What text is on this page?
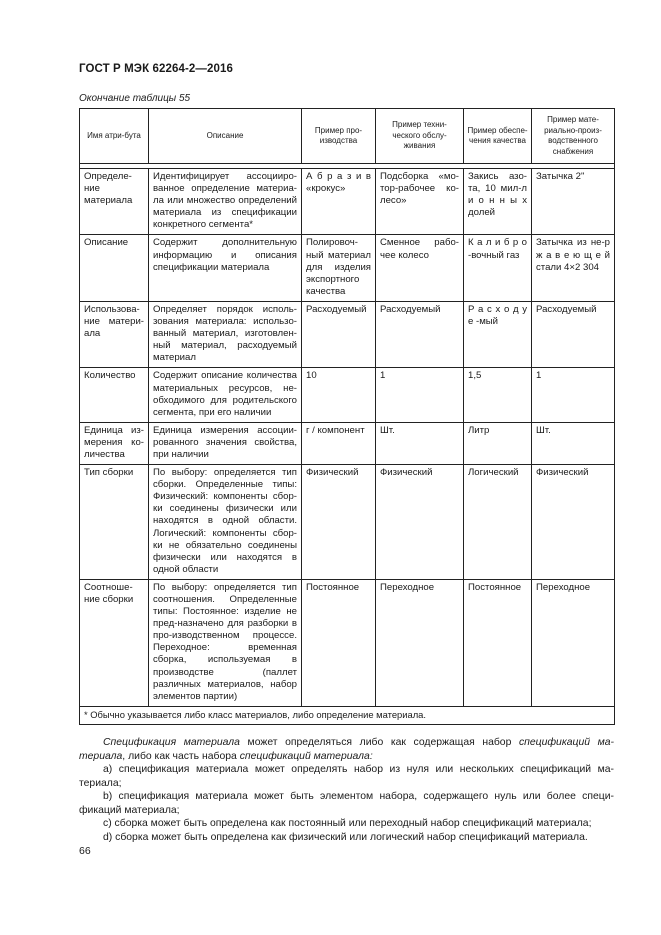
ГОСТ Р МЭК 62264-2—2016
Окончание таблицы 55
Имя атри-бута	Описание	Пример про-изводства	Пример техни-ческого обслу-живания	Пример обеспе-чения качества	Пример мате-риально-произ-водственного снабжения

Определе-ние материала	Идентифицирует ассоцииро-ванное определение материа-ла или множество определений материала из спецификации конкретного сегмента*	А б р а з и в «крокус»	Подсборка «мо-тор-рабочее ко-лесо»	Закись азо-та, 10 мил-л и о н н ы х долей	Затычка 2"
Описание	Содержит дополнительную информацию и описания спецификации материала	Полировоч-ный материал для изделия экспортного качества	Сменное рабо-чее колесо	К а л и б р о -вочный газ	Затычка из не-р ж а в е ю щ е й стали 4×2 304
Использова-ние матери-ала	Определяет порядок исполь-зования материала: использо-ванный материал, изготовлен-ный материал, расходуемый материал	Расходуемый	Расходуемый	Р а с х о д у е -мый	Расходуемый
Количество	Содержит описание количества материальных ресурсов, не-обходимого для родительского сегмента, при его наличии	10	1	1,5	1
Единица из-мерения ко-личества	Единица измерения ассоции-рованного значения свойства, при наличии	г / компонент	Шт.	Литр	Шт.
Тип сборки	По выбору: определяется тип сборки. Определенные типы: Физический: компоненты сбор-ки соединены физически или находятся в одной области. Логический: компоненты сбор-ки не обязательно соединены физически или находятся в одной области	Физический	Физический	Логический	Физический
Соотноше-ние сборки	По выбору: определяется тип соотношения. Определенные типы: Постоянное: изделие не пред-назначено для разборки в про-изводственном процессе. Переходное: временная сборка, используемая в производстве (паллет различных материалов, набор элементов партии)	Постоянное	Переходное	Постоянное	Переходное
* Обычно указывается либо класс материалов, либо определение материала.					
Спецификация материала может определяться либо как содержащая набор спецификаций ма-териала, либо как часть набора спецификаций материала:
a) спецификация материала может определять набор из нуля или нескольких спецификаций ма-териала;
b) спецификация материала может быть элементом набора, содержащего нуль или более специ-фикаций материала;
c) сборка может быть определена как постоянный или переходный набор спецификаций материала;
d) сборка может быть определена как физический или логический набор спецификаций материала.
66
